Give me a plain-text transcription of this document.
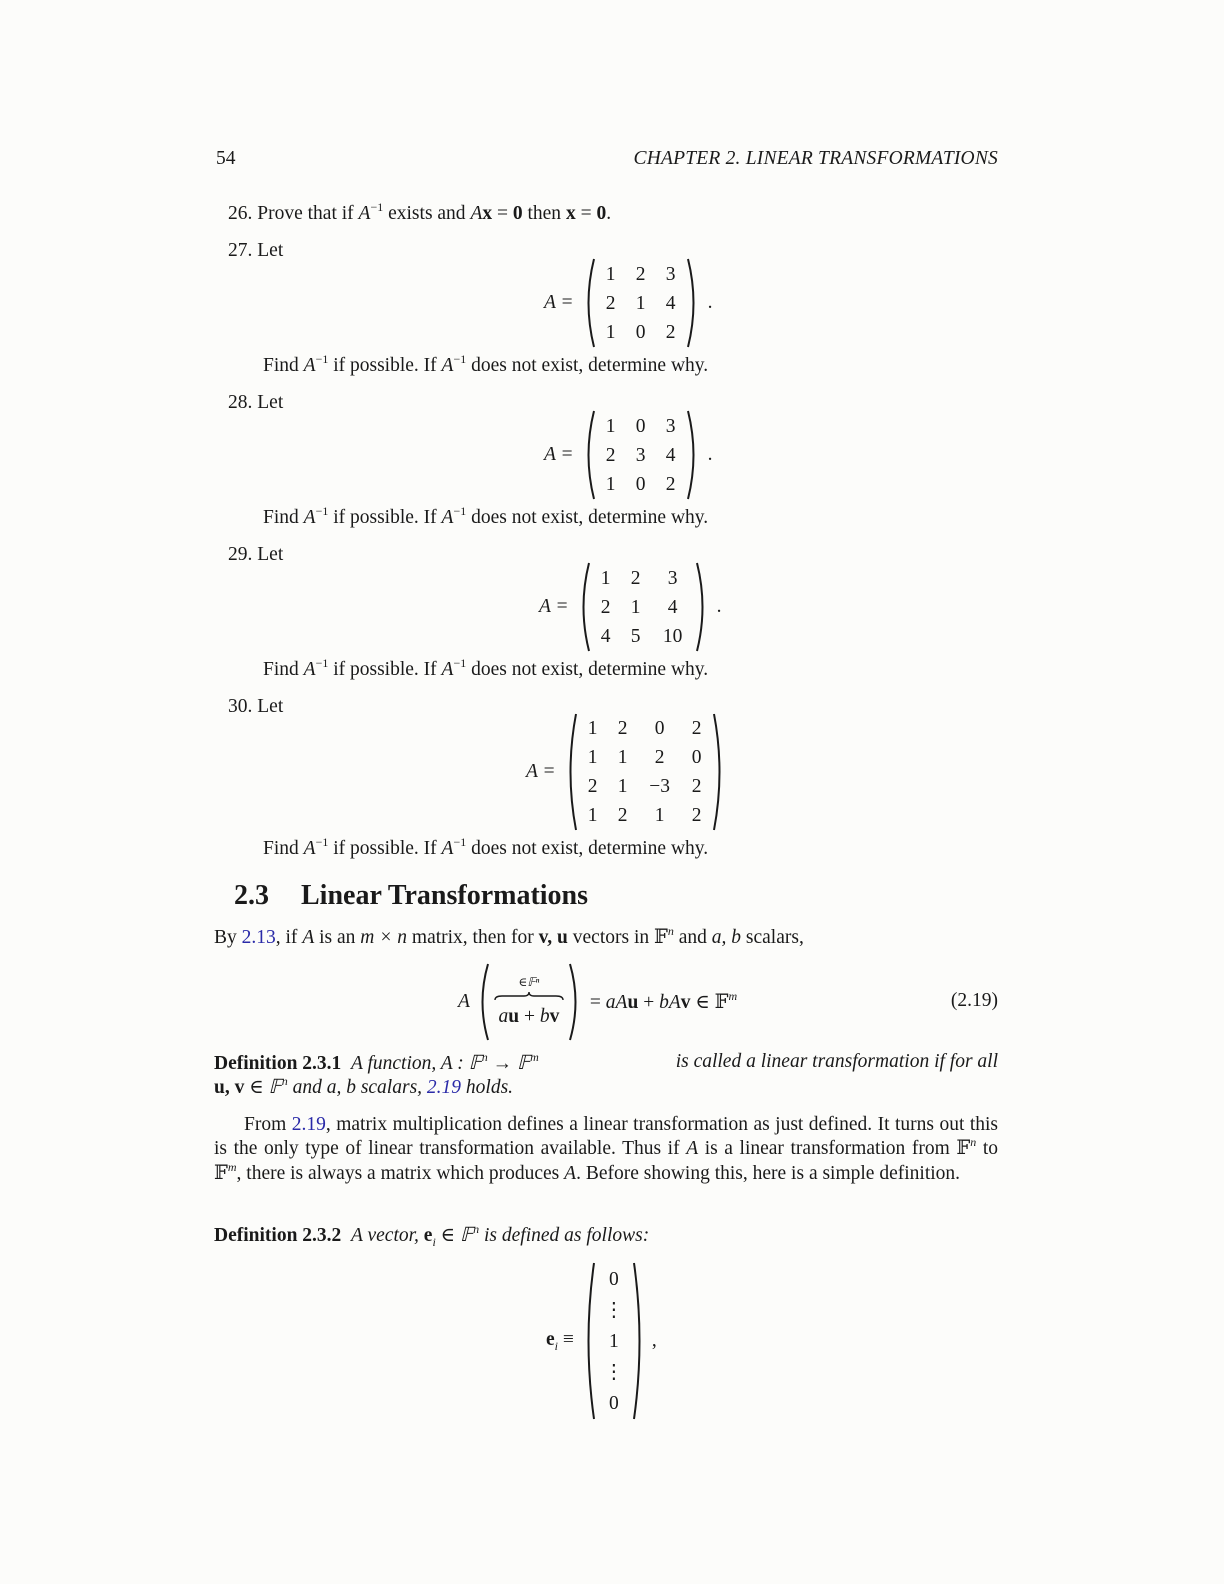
54	CHAPTER 2. LINEAR TRANSFORMATIONS
26. Prove that if $A^{-1}$ exists and Ax = 0 then x = 0.
27. Let
A =
1	2	3
2	1	4
1	0	2
.
Find $A^{-1}$ if possible. If $A^{-1}$ does not exist, determine why.
28. Let
A =
1	0	3
2	3	4
1	0	2
.
Find $A^{-1}$ if possible. If $A^{-1}$ does not exist, determine why.
29. Let
A =
1	2	3
2	1	4
4	5	10
.
Find $A^{-1}$ if possible. If $A^{-1}$ does not exist, determine why.
30. Let
A =
1	2	0	2
1	1	2	0
2	1	−3	2
1	2	1	2
Find $A^{-1}$ if possible. If $A^{-1}$ does not exist, determine why.
2.3 Linear Transformations
By 2.13, if A is an m × n matrix, then for v, u vectors in 𝔽$^n$ and a, b scalars,
A
∈𝔽ⁿ
au + bv
= aAu + bAv ∈ 𝔽$^m$	(2.19)
Definition 2.3.1 A function, A : 𝔽$^n$ → 𝔽$^m$	is called a linear transformation if for all
u, v ∈ 𝔽$^n$ and a, b scalars, 2.19 holds.
From 2.19, matrix multiplication defines a linear transformation as just defined. It turns out this is the only type of linear transformation available. Thus if A is a linear transformation from 𝔽$^n$ to 𝔽$^m$, there is always a matrix which produces A. Before showing this, here is a simple definition.
Definition 2.3.2 A vector, $e_i$ ∈ 𝔽$^n$ is defined as follows:
$e_i$ ≡
0
⋮
1
⋮
0
,
